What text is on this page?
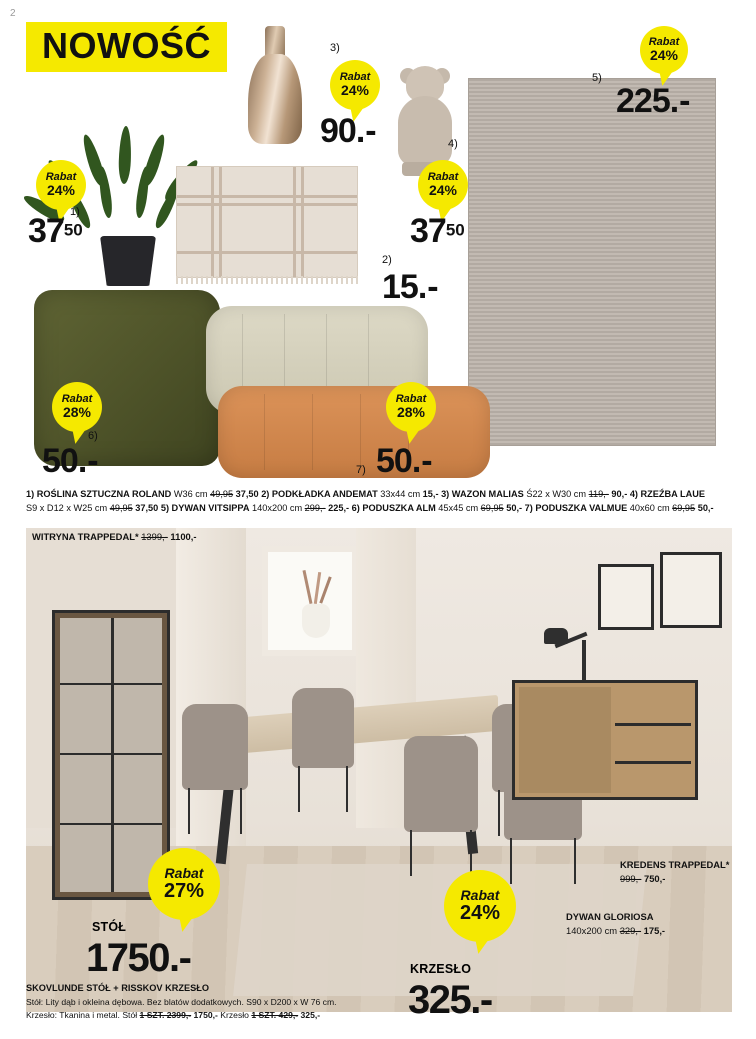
2
NOWOŚĆ
Rabat
24%
1)
3750
2)
15.-
3)
Rabat
24%
90.-	4)
Rabat
24%
3750
Rabat
24%
5)
225.-
Rabat
28%
6)
50.-
Rabat
28%
7) 50.-
1) ROŚLINA SZTUCZNA ROLAND W36 cm 49,95 37,50 2) PODKŁADKA ANDEMAT 33x44 cm 15,- 3) WAZON MALIAS Ś22 x W30 cm 119,- 90,- 4) RZEŹBA LAUE
S9 x D12 x W25 cm 49,95 37,50 5) DYWAN VITSIPPA 140x200 cm 299,- 225,- 6) PODUSZKA ALM 45x45 cm 69,95 50,- 7) PODUSZKA VALMUE 40x60 cm 69,95 50,-
WITRYNA TRAPPEDAL* 1399,- 1100,-
KREDENS TRAPPEDAL*
999,- 750,-
DYWAN GLORIOSA
140x200 cm 329,- 175,-
Rabat
27%
STÓŁ
1750.-
Rabat
24%
KRZESŁO
325.-
SKOVLUNDE STÓŁ + RISSKOV KRZESŁO
Stół: Lity dąb i okleina dębowa. Bez blatów dodatkowych. S90 x D200 x W 76 cm.
Krzesło: Tkanina i metal. Stół 1 SZT. 2399,- 1750,- Krzesło 1 SZT. 429,- 325,-
